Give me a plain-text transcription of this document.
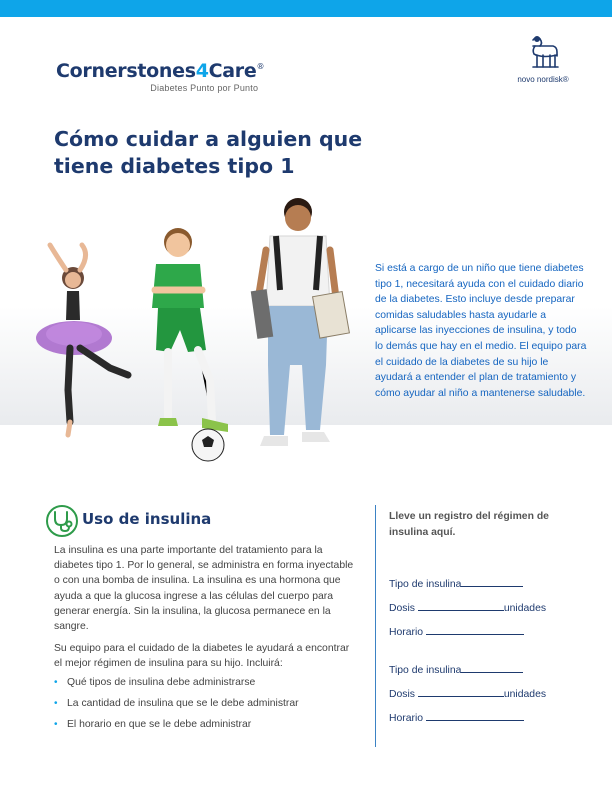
Cornerstones4Care®
Diabetes Punto por Punto
novo nordisk®
Cómo cuidar a alguien que
tiene diabetes tipo 1

Si está a cargo de un niño que tiene diabetes tipo 1, necesitará ayuda con el cuidado diario de la diabetes. Esto incluye desde preparar comidas saludables hasta ayudarle a aplicarse las inyecciones de insulina, y todo lo demás que hay en el medio. El equipo para el cuidado de la diabetes de su hijo le ayudará a entender el plan de tratamiento y cómo ayudar al niño a mantenerse saludable.

Uso de insulina

La insulina es una parte importante del tratamiento para la diabetes tipo 1. Por lo general, se administra en forma inyectable o con una bomba de insulina. La insulina es una hormona que ayuda a que la glucosa ingrese a las células del cuerpo para generar energía. Sin la insulina, la glucosa permanece en la sangre.

Su equipo para el cuidado de la diabetes le ayudará a encontrar el mejor régimen de insulina para su hijo. Incluirá:

• Qué tipos de insulina debe administrarse
• La cantidad de insulina que se le debe administrar
• El horario en que se le debe administrar

Lleve un registro del régimen de insulina aquí.

Tipo de insulina
Dosis	unidades
Horario
Tipo de insulina
Dosis	unidades
Horario
